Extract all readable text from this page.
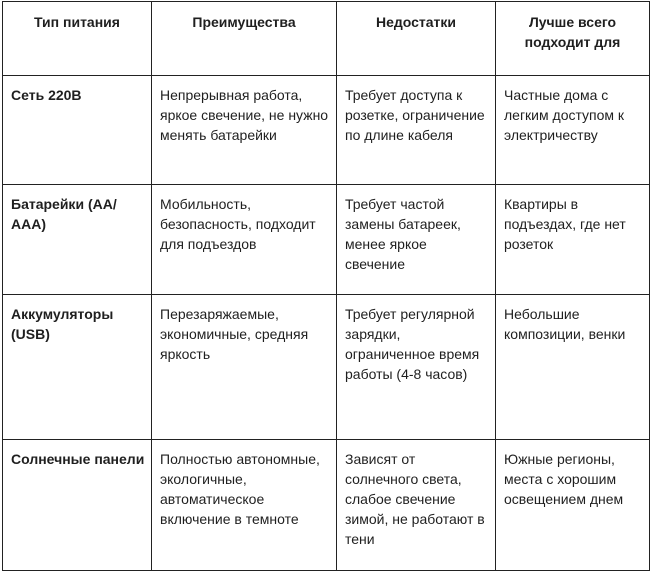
Тип питания	Преимущества	Недостатки	Лучше всего подходит для
Сеть 220В	Непрерывная работа, яркое свечение, не нужно менять батарейки	Требует доступа к розетке, ограничение по длине кабеля	Частные дома с легким доступом к электричеству
Батарейки (АА/ААА)	Мобильность, безопасность, подходит для подъездов	Требует частой замены батареек, менее яркое свечение	Квартиры в подъездах, где нет розеток
Аккумуляторы (USB)	Перезаряжаемые, экономичные, средняя яркость	Требует регулярной зарядки, ограниченное время работы (4-8 часов)	Небольшие композиции, венки
Солнечные панели	Полностью автономные, экологичные, автоматическое включение в темноте	Зависят от солнечного света, слабое свечение зимой, не работают в тени	Южные регионы, места с хорошим освещением днем
